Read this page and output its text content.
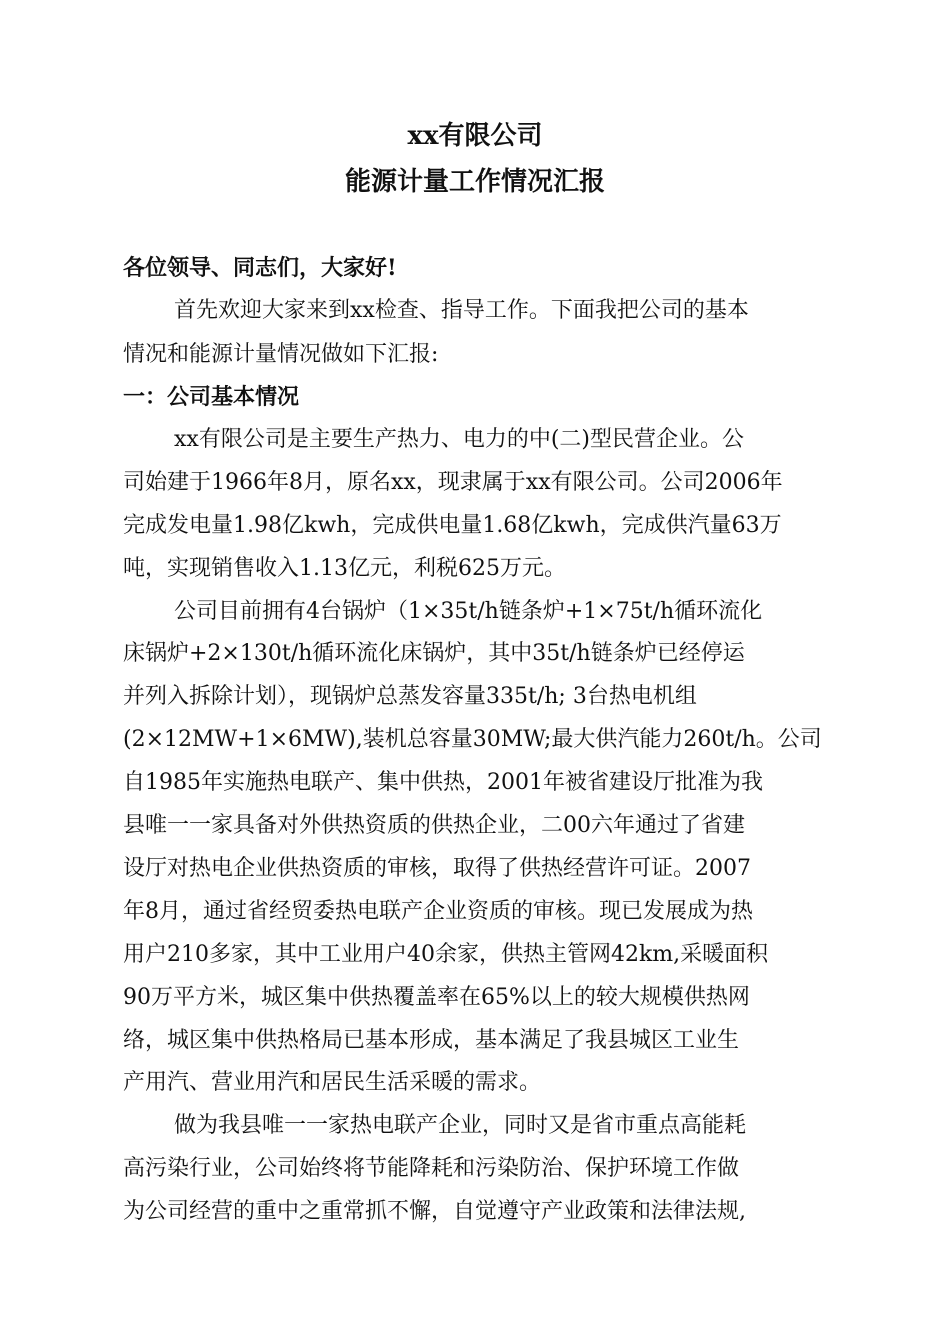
xx有限公司
能源计量工作情况汇报
各位领导、同志们，大家好!
首先欢迎大家来到xx检查、指导工作。下面我把公司的基本
情况和能源计量情况做如下汇报:
一：公司基本情况
xx有限公司是主要生产热力、电力的中(二)型民营企业。公
司始建于1966年8月，原名xx，现隶属于xx有限公司。公司2006年
完成发电量1.98亿kwh，完成供电量1.68亿kwh，完成供汽量63万
吨，实现销售收入1.13亿元，利税625万元。
公司目前拥有4台锅炉（1×35t/h链条炉+1×75t/h循环流化
床锅炉+2×130t/h循环流化床锅炉，其中35t/h链条炉已经停运
并列入拆除计划），现锅炉总蒸发容量335t/h; 3台热电机组
(2×12MW+1×6MW),装机总容量30MW;最大供汽能力260t/h。公司
自1985年实施热电联产、集中供热，2001年被省建设厅批准为我
县唯一一家具备对外供热资质的供热企业，二00六年通过了省建
设厅对热电企业供热资质的审核，取得了供热经营许可证。2007
年8月，通过省经贸委热电联产企业资质的审核。现已发展成为热
用户210多家，其中工业用户40余家，供热主管网42km,采暖面积
90万平方米，城区集中供热覆盖率在65%以上的较大规模供热网
络，城区集中供热格局已基本形成，基本满足了我县城区工业生
产用汽、营业用汽和居民生活采暖的需求。
做为我县唯一一家热电联产企业，同时又是省市重点高能耗
高污染行业，公司始终将节能降耗和污染防治、保护环境工作做
为公司经营的重中之重常抓不懈，自觉遵守产业政策和法律法规,
